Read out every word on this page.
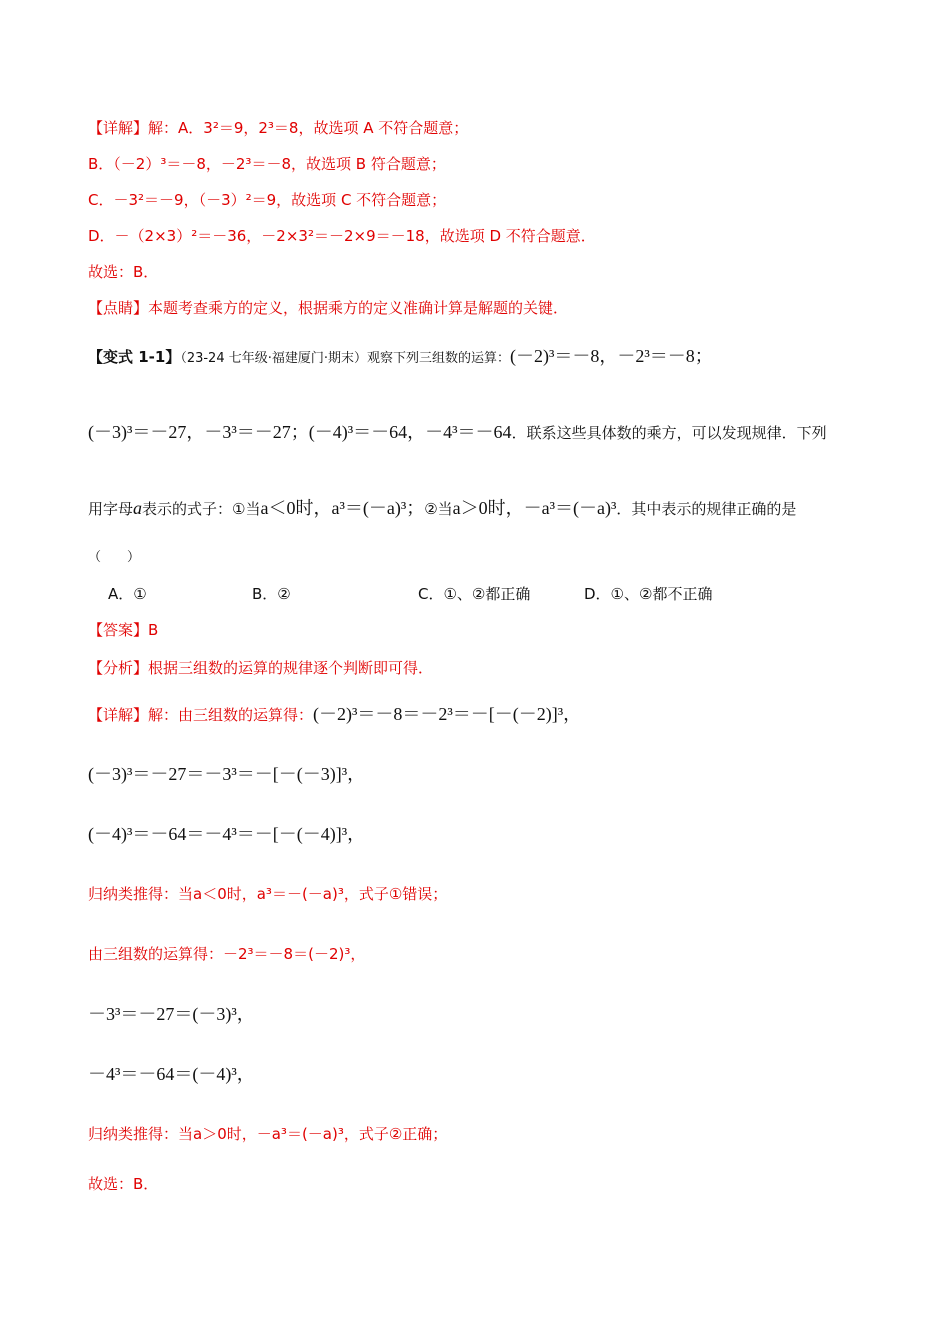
【详解】解：A．3²＝9，2³＝8，故选项 A 不符合题意；
B．（－2）³＝－8，－2³＝－8，故选项 B 符合题意；
C．－3²＝－9，（－3）²＝9，故选项 C 不符合题意；
D．－（2×3）²＝－36，－2×3²＝－2×9＝－18，故选项 D 不符合题意．
故选：B．
【点睛】本题考查乘方的定义，根据乘方的定义准确计算是解题的关键．
【变式 1-1】（23-24 七年级·福建厦门·期末）观察下列三组数的运算：(－2)³＝－8，－2³＝－8；
(－3)³＝－27，－3³＝－27；(－4)³＝－64，－4³＝－64．联系这些具体数的乘方，可以发现规律．下列
用字母a表示的式子：①当a＜0时，a³＝(－a)³；②当a＞0时，－a³＝(－a)³．其中表示的规律正确的是
（　　）
A．①	B．②	C．①、②都正确	D．①、②都不正确
【答案】B
【分析】根据三组数的运算的规律逐个判断即可得．
【详解】解：由三组数的运算得：(－2)³＝－8＝－2³＝－[－(－2)]³，
(－3)³＝－27＝－3³＝－[－(－3)]³，
(－4)³＝－64＝－4³＝－[－(－4)]³，
归纳类推得：当a＜0时，a³＝－(－a)³，式子①错误；
由三组数的运算得：－2³＝－8＝(－2)³，
－3³＝－27＝(－3)³，
－4³＝－64＝(－4)³，
归纳类推得：当a＞0时，－a³＝(－a)³，式子②正确；
故选：B．
